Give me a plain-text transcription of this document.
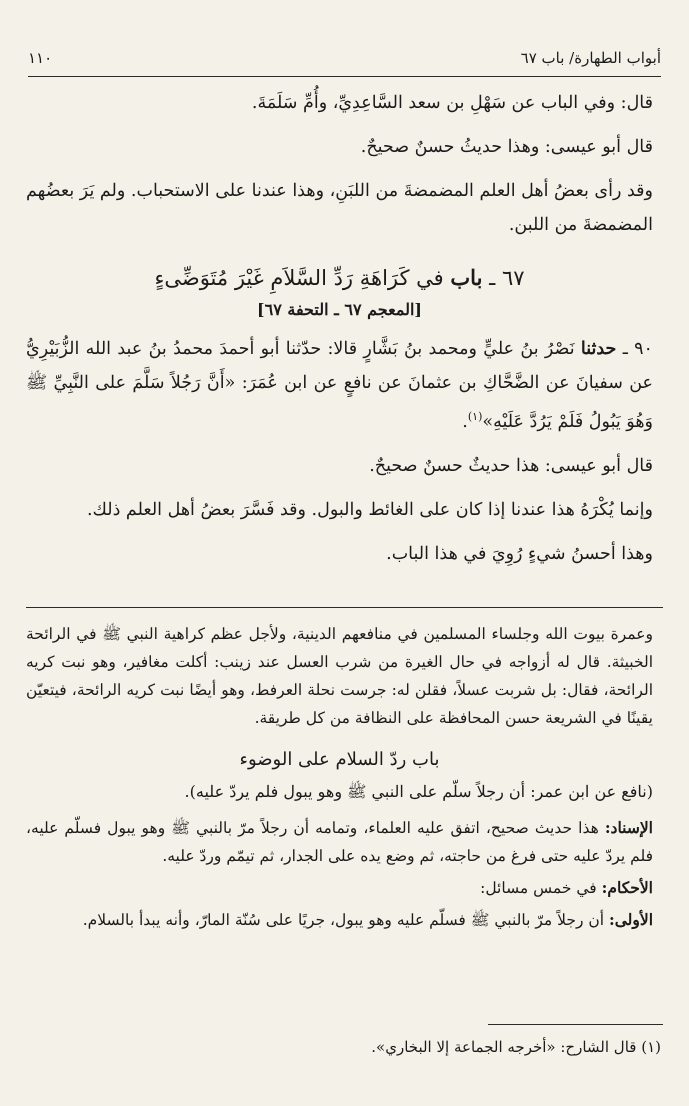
أبواب الطهارة/ باب ٦٧
١١٠

قال: وفي الباب عن سَهْلِ بن سعد السَّاعِدِيِّ، وأُمِّ سَلَمَةَ.

قال أبو عيسى: وهذا حديثُ حسنٌ صحيحٌ.

وقد رأى بعضُ أهل العلم المضمضةَ من اللبَنِ، وهذا عندنا على الاستحباب. ولم يَرَ بعضُهم المضمضةَ من اللبن.

٦٧ ـ باب في كَرَاهَةِ رَدِّ السَّلاَمِ غَيْرَ مُتَوَضِّىءٍ
[المعجم ٦٧ ـ التحفة ٦٧]

٩٠ ـ حدثنا نَصْرُ بنُ عليٍّ ومحمد بنُ بَشَّارٍ قالا: حدّثنا أبو أحمدَ محمدُ بنُ عبد الله الزُّبَيْرِيُّ عن سفيانَ عن الضَّحَّاكِ بن عثمانَ عن نافعٍ عن ابن عُمَرَ: «أَنَّ رَجُلاً سَلَّمَ على النَّبِيِّ ﷺ وَهُوَ يَبُولُ فَلَمْ يَرُدَّ عَلَيْهِ»$^{(١)}$.

قال أبو عيسى: هذا حديثٌ حسنٌ صحيحٌ.

وإنما يُكْرَهُ هذا عندنا إذا كان على الغائط والبول. وقد فَسَّرَ بعضُ أهل العلم ذلك.

وهذا أحسنُ شيءٍ رُوِيَ في هذا الباب.

وعمرة بيوت الله وجلساء المسلمين في منافعهم الدينية، ولأجل عظم كراهية النبي ﷺ في الرائحة الخبيثة. قال له أزواجه في حال الغيرة من شرب العسل عند زينب: أكلت مغافير، وهو نبت كريه الرائحة، فقال: بل شربت عسلاً، فقلن له: جرست نحلة العرفط، وهو أيضًا نبت كريه الرائحة، فيتعيّن يقينًا في الشريعة حسن المحافظة على النظافة من كل طريقة.

باب ردّ السلام على الوضوء
(نافع عن ابن عمر: أن رجلاً سلّم على النبي ﷺ وهو يبول فلم يردّ عليه).

الإسناد: هذا حديث صحيح، اتفق عليه العلماء، وتمامه أن رجلاً مرّ بالنبي ﷺ وهو يبول فسلّم عليه، فلم يردّ عليه حتى فرغ من حاجته، ثم وضع يده على الجدار، ثم تيمّم وردّ عليه.

الأحكام: في خمس مسائل:

الأولى: أن رجلاً مرّ بالنبي ﷺ فسلّم عليه وهو يبول، جريًا على سُنّة المارّ، وأنه يبدأ بالسلام.

(١) قال الشارح: «أخرجه الجماعة إلا البخاري».
